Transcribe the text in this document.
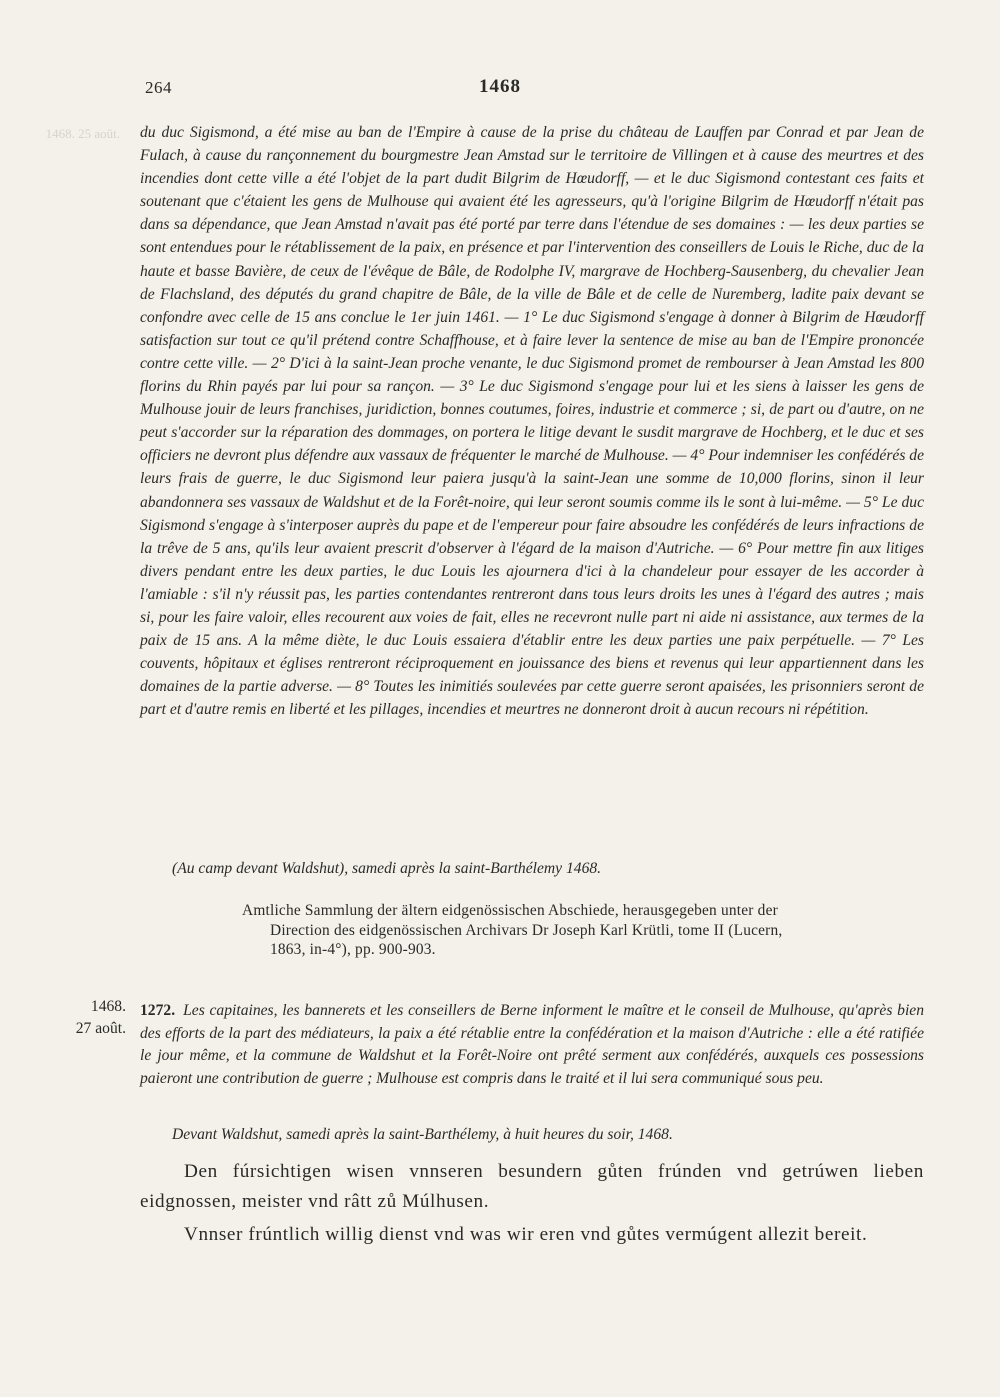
264	1468
1468. 25 août. du duc Sigismond, a été mise au ban de l'Empire à cause de la prise du château de Lauffen par Conrad et par Jean de Fulach, à cause du rançonnement du bourgmestre Jean Amstad sur le territoire de Villingen et à cause des meurtres et des incendies dont cette ville a été l'objet de la part dudit Bilgrim de Hœudorff, — et le duc Sigismond contestant ces faits et soutenant que c'étaient les gens de Mulhouse qui avaient été les agresseurs, qu'à l'origine Bilgrim de Hœudorff n'était pas dans sa dépendance, que Jean Amstad n'avait pas été porté par terre dans l'étendue de ses domaines : — les deux parties se sont entendues pour le rétablissement de la paix, en présence et par l'intervention des conseillers de Louis le Riche, duc de la haute et basse Bavière, de ceux de l'évêque de Bâle, de Rodolphe IV, margrave de Hochberg-Sausenberg, du chevalier Jean de Flachsland, des députés du grand chapitre de Bâle, de la ville de Bâle et de celle de Nuremberg, ladite paix devant se confondre avec celle de 15 ans conclue le 1er juin 1461. — 1° Le duc Sigismond s'engage à donner à Bilgrim de Hœudorff satisfaction sur tout ce qu'il prétend contre Schaffhouse, et à faire lever la sentence de mise au ban de l'Empire prononcée contre cette ville. — 2° D'ici à la saint-Jean proche venante, le duc Sigismond promet de rembourser à Jean Amstad les 800 florins du Rhin payés par lui pour sa rançon. — 3° Le duc Sigismond s'engage pour lui et les siens à laisser les gens de Mulhouse jouir de leurs franchises, juridiction, bonnes coutumes, foires, industrie et commerce ; si, de part ou d'autre, on ne peut s'accorder sur la réparation des dommages, on portera le litige devant le susdit margrave de Hochberg, et le duc et ses officiers ne devront plus défendre aux vassaux de fréquenter le marché de Mulhouse. — 4° Pour indemniser les confédérés de leurs frais de guerre, le duc Sigismond leur paiera jusqu'à la saint-Jean une somme de 10,000 florins, sinon il leur abandonnera ses vassaux de Waldshut et de la Forêt-noire, qui leur seront soumis comme ils le sont à lui-même. — 5° Le duc Sigismond s'engage à s'interposer auprès du pape et de l'empereur pour faire absoudre les confédérés de leurs infractions de la trêve de 5 ans, qu'ils leur avaient prescrit d'observer à l'égard de la maison d'Autriche. — 6° Pour mettre fin aux litiges divers pendant entre les deux parties, le duc Louis les ajournera d'ici à la chandeleur pour essayer de les accorder à l'amiable : s'il n'y réussit pas, les parties contendantes rentreront dans tous leurs droits les unes à l'égard des autres ; mais si, pour les faire valoir, elles recourent aux voies de fait, elles ne recevront nulle part ni aide ni assistance, aux termes de la paix de 15 ans. A la même diète, le duc Louis essaiera d'établir entre les deux parties une paix perpétuelle. — 7° Les couvents, hôpitaux et églises rentreront réciproquement en jouissance des biens et revenus qui leur appartiennent dans les domaines de la partie adverse. — 8° Toutes les inimitiés soulevées par cette guerre seront apaisées, les prisonniers seront de part et d'autre remis en liberté et les pillages, incendies et meurtres ne donneront droit à aucun recours ni répétition.

(Au camp devant Waldshut), samedi après la saint-Barthélemy 1468.

Amtliche Sammlung der ältern eidgenössischen Abschiede, herausgegeben unter der
Direction des eidgenössischen Archivars Dr Joseph Karl Krütli, tome II (Lucern,
1863, in-4°), pp. 900-903.

1468.
27 août.

1272. Les capitaines, les bannerets et les conseillers de Berne informent le maître et le conseil de Mulhouse, qu'après bien des efforts de la part des médiateurs, la paix a été rétablie entre la confédération et la maison d'Autriche : elle a été ratifiée le jour même, et la commune de Waldshut et la Forêt-Noire ont prêté serment aux confédérés, auxquels ces possessions paieront une contribution de guerre ; Mulhouse est compris dans le traité et il lui sera communiqué sous peu.

Devant Waldshut, samedi après la saint-Barthélemy, à huit heures du soir, 1468.

Den fúrsichtigen wisen vnnseren besundern gůten frúnden vnd getrúwen lieben eidgnossen, meister vnd râtt zů Múlhusen.

Vnnser frúntlich willig dienst vnd was wir eren vnd gůtes vermúgent allezit bereit.
